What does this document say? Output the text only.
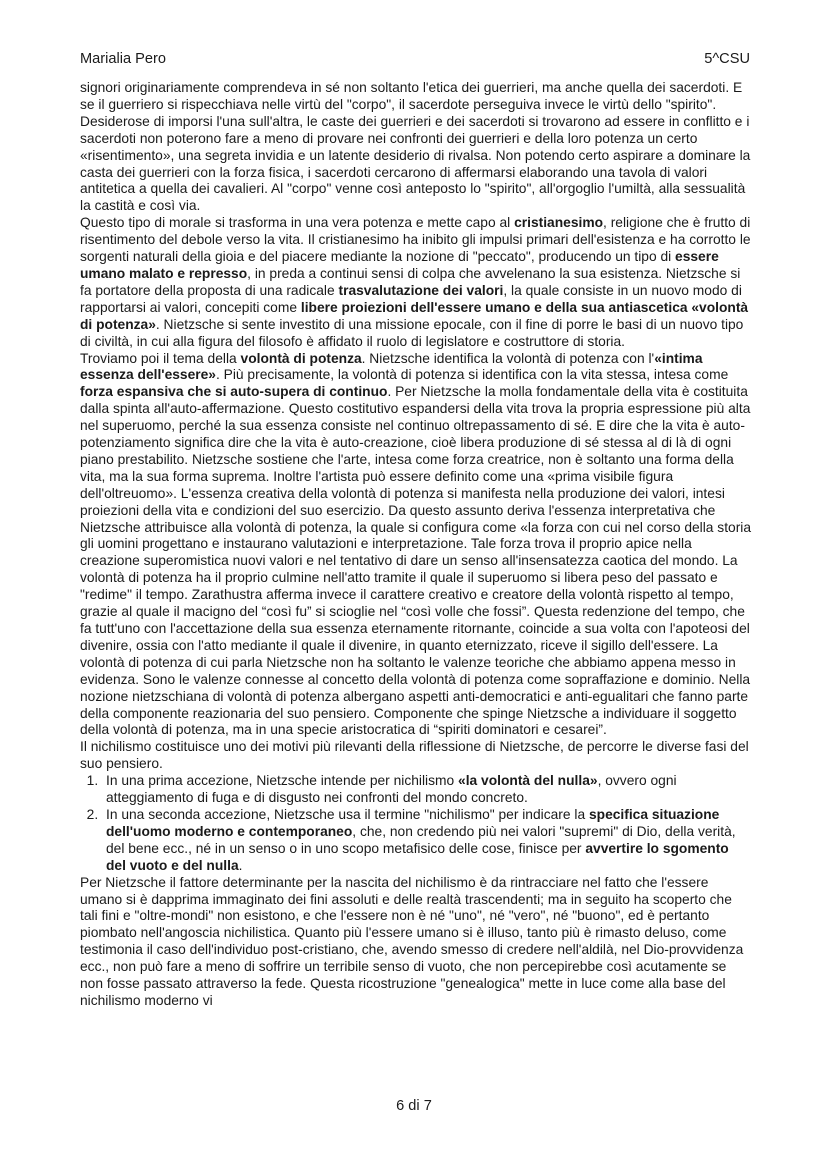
Marialia Pero	5^CSU

signori originariamente comprendeva in sé non soltanto l'etica dei guerrieri, ma anche quella dei sacerdoti. E se il guerriero si rispecchiava nelle virtù del "corpo", il sacerdote perseguiva invece le virtù dello "spirito". Desiderose di imporsi l'una sull'altra, le caste dei guerrieri e dei sacerdoti si trovarono ad essere in conflitto e i sacerdoti non poterono fare a meno di provare nei confronti dei guerrieri e della loro potenza un certo «risentimento», una segreta invidia e un latente desiderio di rivalsa. Non potendo certo aspirare a dominare la casta dei guerrieri con la forza fisica, i sacerdoti cercarono di affermarsi elaborando una tavola di valori antitetica a quella dei cavalieri. Al "corpo" venne così anteposto lo "spirito", all'orgoglio l'umiltà, alla sessualità la castità e così via.

Questo tipo di morale si trasforma in una vera potenza e mette capo al cristianesimo, religione che è frutto di risentimento del debole verso la vita. Il cristianesimo ha inibito gli impulsi primari dell'esistenza e ha corrotto le sorgenti naturali della gioia e del piacere mediante la nozione di "peccato", producendo un tipo di essere umano malato e represso, in preda a continui sensi di colpa che avvelenano la sua esistenza. Nietzsche si fa portatore della proposta di una radicale trasvalutazione dei valori, la quale consiste in un nuovo modo di rapportarsi ai valori, concepiti come libere proiezioni dell'essere umano e della sua antiascetica «volontà di potenza». Nietzsche si sente investito di una missione epocale, con il fine di porre le basi di un nuovo tipo di civiltà, in cui alla figura del filosofo è affidato il ruolo di legislatore e costruttore di storia.

Troviamo poi il tema della volontà di potenza. Nietzsche identifica la volontà di potenza con l'«intima essenza dell'essere». Più precisamente, la volontà di potenza si identifica con la vita stessa, intesa come forza espansiva che si auto-supera di continuo. Per Nietzsche la molla fondamentale della vita è costituita dalla spinta all'auto-affermazione. Questo costitutivo espandersi della vita trova la propria espressione più alta nel superuomo, perché la sua essenza consiste nel continuo oltrepassamento di sé. E dire che la vita è auto-potenziamento significa dire che la vita è auto-creazione, cioè libera produzione di sé stessa al di là di ogni piano prestabilito. Nietzsche sostiene che l'arte, intesa come forza creatrice, non è soltanto una forma della vita, ma la sua forma suprema. Inoltre l'artista può essere definito come una «prima visibile figura dell'oltreuomo». L'essenza creativa della volontà di potenza si manifesta nella produzione dei valori, intesi proiezioni della vita e condizioni del suo esercizio. Da questo assunto deriva l'essenza interpretativa che Nietzsche attribuisce alla volontà di potenza, la quale si configura come «la forza con cui nel corso della storia gli uomini progettano e instaurano valutazioni e interpretazione. Tale forza trova il proprio apice nella creazione superomistica nuovi valori e nel tentativo di dare un senso all'insensatezza caotica del mondo. La volontà di potenza ha il proprio culmine nell'atto tramite il quale il superuomo si libera peso del passato e "redime" il tempo. Zarathustra afferma invece il carattere creativo e creatore della volontà rispetto al tempo, grazie al quale il macigno del “così fu” si scioglie nel “così volle che fossi”. Questa redenzione del tempo, che fa tutt'uno con l'accettazione della sua essenza eternamente ritornante, coincide a sua volta con l'apoteosi del divenire, ossia con l'atto mediante il quale il divenire, in quanto eternizzato, riceve il sigillo dell'essere. La volontà di potenza di cui parla Nietzsche non ha soltanto le valenze teoriche che abbiamo appena messo in evidenza. Sono le valenze connesse al concetto della volontà di potenza come sopraffazione e dominio. Nella nozione nietzschiana di volontà di potenza albergano aspetti anti-democratici e anti-egualitari che fanno parte della componente reazionaria del suo pensiero. Componente che spinge Nietzsche a individuare il soggetto della volontà di potenza, ma in una specie aristocratica di “spiriti dominatori e cesarei”.

Il nichilismo costituisce uno dei motivi più rilevanti della riflessione di Nietzsche, de percorre le diverse fasi del suo pensiero.

1. In una prima accezione, Nietzsche intende per nichilismo «la volontà del nulla», ovvero ogni atteggiamento di fuga e di disgusto nei confronti del mondo concreto.
2. In una seconda accezione, Nietzsche usa il termine "nichilismo" per indicare la specifica situazione dell'uomo moderno e contemporaneo, che, non credendo più nei valori "supremi" di Dio, della verità, del bene ecc., né in un senso o in uno scopo metafisico delle cose, finisce per avvertire lo sgomento del vuoto e del nulla.

Per Nietzsche il fattore determinante per la nascita del nichilismo è da rintracciare nel fatto che l'essere umano si è dapprima immaginato dei fini assoluti e delle realtà trascendenti; ma in seguito ha scoperto che tali fini e "oltre-mondi" non esistono, e che l'essere non è né "uno", né "vero", né "buono", ed è pertanto piombato nell'angoscia nichilistica. Quanto più l'essere umano si è illuso, tanto più è rimasto deluso, come testimonia il caso dell'individuo post-cristiano, che, avendo smesso di credere nell'aldilà, nel Dio-provvidenza ecc., non può fare a meno di soffrire un terribile senso di vuoto, che non percepirebbe così acutamente se non fosse passato attraverso la fede. Questa ricostruzione "genealogica" mette in luce come alla base del nichilismo moderno vi

6 di 7
